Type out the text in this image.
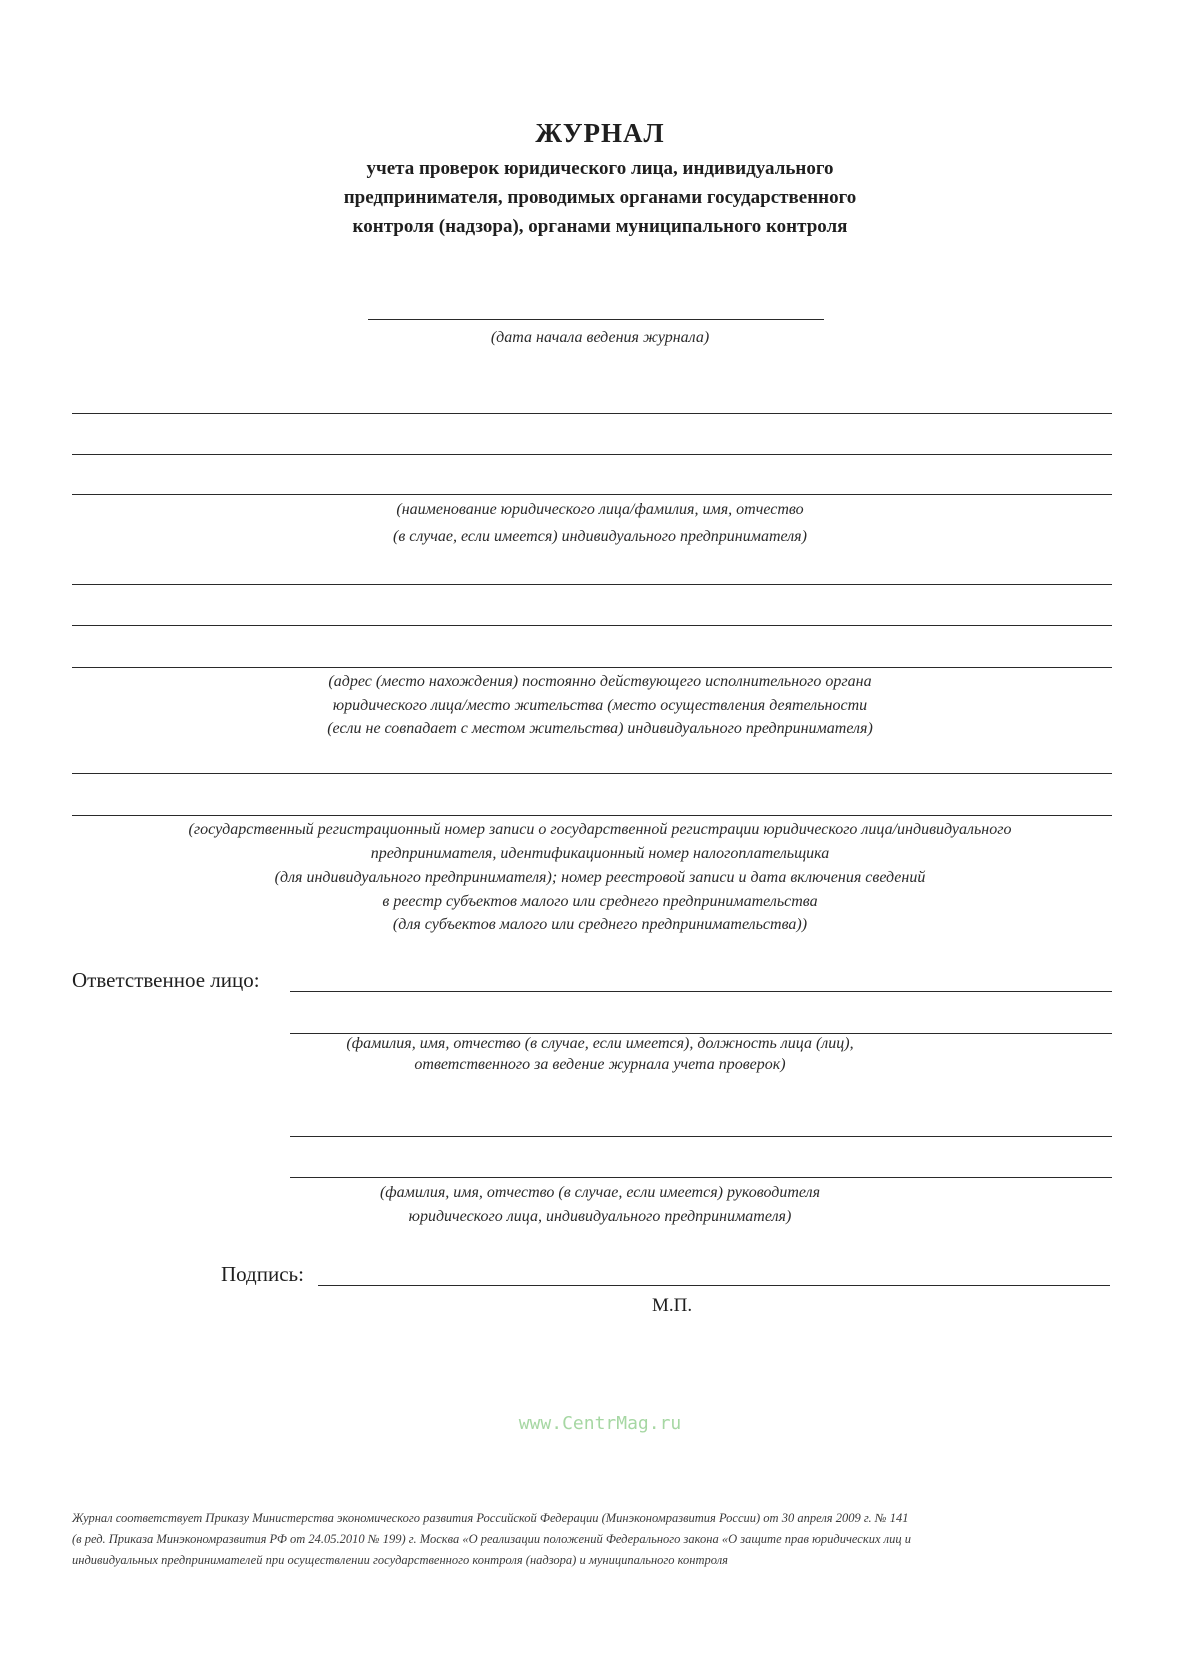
ЖУРНАЛ
учета проверок юридического лица, индивидуального
предпринимателя, проводимых органами государственного
контроля (надзора), органами муниципального контроля
(дата начала ведения журнала)
(наименование юридического лица/фамилия, имя, отчество
(в случае, если имеется) индивидуального предпринимателя)
(адрес (место нахождения) постоянно действующего исполнительного органа
юридического лица/место жительства (место осуществления деятельности
(если не совпадает с местом жительства) индивидуального предпринимателя)
(государственный регистрационный номер записи о государственной регистрации юридического лица/индивидуального
предпринимателя, идентификационный номер налогоплательщика
(для индивидуального предпринимателя); номер реестровой записи и дата включения сведений
в реестр субъектов малого или среднего предпринимательства
(для субъектов малого или среднего предпринимательства))
Ответственное лицо:
(фамилия, имя, отчество (в случае, если имеется), должность лица (лиц),
ответственного за ведение журнала учета проверок)
(фамилия, имя, отчество (в случае, если имеется) руководителя
юридического лица, индивидуального предпринимателя)
Подпись:
М.П.
www.CentrMag.ru
Журнал соответствует Приказу Министерства экономического развития Российской Федерации (Минэкономразвития России) от 30 апреля 2009 г. № 141
(в ред. Приказа Минэкономразвития РФ от 24.05.2010 № 199) г. Москва «О реализации положений Федерального закона «О защите прав юридических лиц и
индивидуальных предпринимателей при осуществлении государственного контроля (надзора) и муниципального контроля
